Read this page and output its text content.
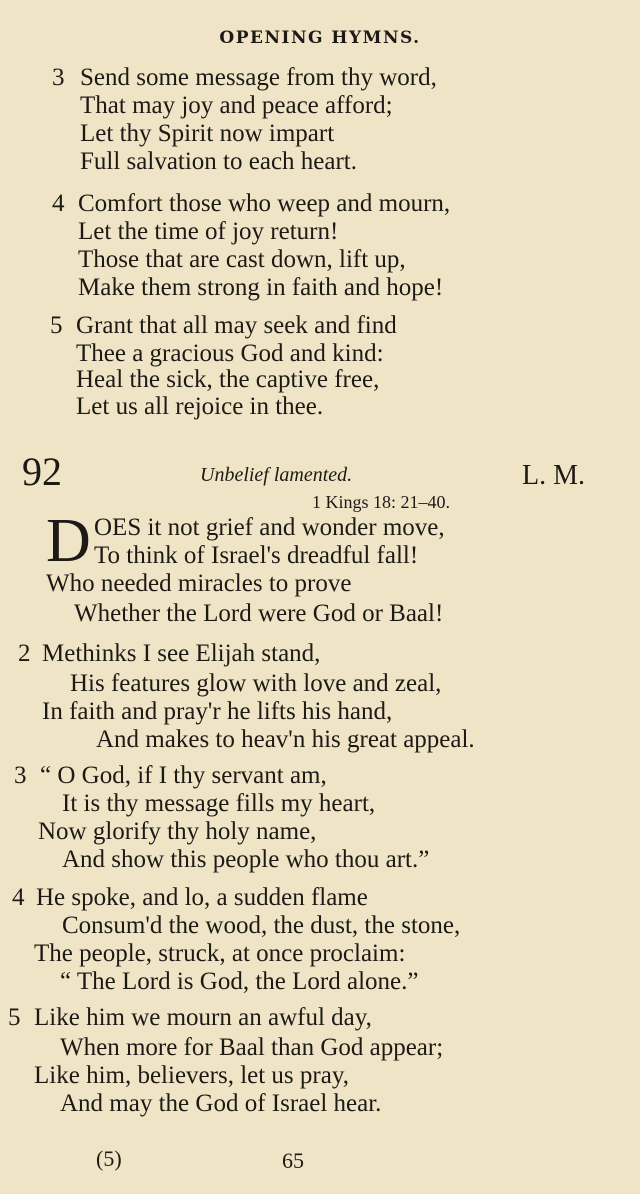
OPENING HYMNS.
3 Send some message from thy word,
That may joy and peace afford;
Let thy Spirit now impart
Full salvation to each heart.
4 Comfort those who weep and mourn,
Let the time of joy return!
Those that are cast down, lift up,
Make them strong in faith and hope!
5 Grant that all may seek and find
Thee a gracious God and kind:
Heal the sick, the captive free,
Let us all rejoice in thee.
92	Unbelief lamented.	L. M.
1 Kings 18: 21–40.
D OES it not grief and wonder move,
To think of Israel's dreadful fall!
Who needed miracles to prove
Whether the Lord were God or Baal!
2 Methinks I see Elijah stand,
His features glow with love and zeal,
In faith and pray'r he lifts his hand,
And makes to heav'n his great appeal.
3 “ O God, if I thy servant am,
It is thy message fills my heart,
Now glorify thy holy name,
And show this people who thou art.”
4 He spoke, and lo, a sudden flame
Consum'd the wood, the dust, the stone,
The people, struck, at once proclaim:
“ The Lord is God, the Lord alone.”
5 Like him we mourn an awful day,
When more for Baal than God appear;
Like him, believers, let us pray,
And may the God of Israel hear.
(5)	65
